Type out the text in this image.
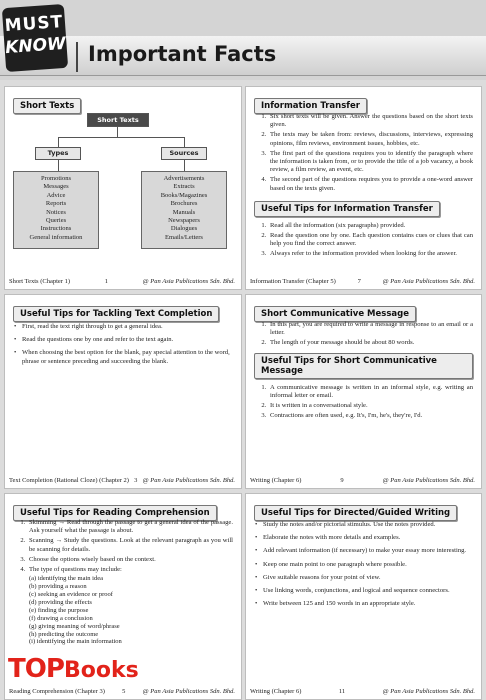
MUST
KNOW Important Facts
Short Texts
Short Texts
Types	Sources
Promotions
Messages
Advice
Reports
Notices
Queries
Instructions
General information
Advertisements
Extracts
Books/Magazines
Brochures
Manuals
Newspapers
Dialogues
Emails/Letters
Short Texts (Chapter 1)	1	@ Pan Asia Publications Sdn. Bhd.
Information Transfer
1. Six short texts will be given. Answer the questions based on the short texts given.
2. The texts may be taken from: reviews, discussions, interviews, expressing opinions, film reviews, environment issues, hobbies, etc.
3. The first part of the questions requires you to identify the paragraph where the information is taken from, or to provide the title of a job vacancy, a book review, a film review, an event, etc.
4. The second part of the questions requires you to provide a one-word answer based on the texts given.
Useful Tips for Information Transfer
1. Read all the information (six paragraphs) provided.
2. Read the question one by one. Each question contains cues or clues that can help you find the correct answer.
3. Always refer to the information provided when looking for the answer.
Information Transfer (Chapter 5)	7	@ Pan Asia Publications Sdn. Bhd.
Useful Tips for Tackling Text Completion
• First, read the text right through to get a general idea.
• Read the questions one by one and refer to the text again.
• When choosing the best option for the blank, pay special attention to the word, phrase or sentence preceding and succeeding the blank.
Text Completion (Rational Cloze) (Chapter 2) 3 @ Pan Asia Publications Sdn. Bhd.
Short Communicative Message
1. In this part, you are required to write a message in response to an email or a letter.
2. The length of your message should be about 80 words.
Useful Tips for Short Communicative Message
1. A communicative message is written in an informal style, e.g. writing an informal letter or email.
2. It is written in a conversational style.
3. Contractions are often used, e.g. It's, I'm, he's, they're, I'd.
Writing (Chapter 6)	9	@ Pan Asia Publications Sdn. Bhd.
Useful Tips for Reading Comprehension
1. Skimming → Read through the passage to get a general idea of the passage. Ask yourself what the passage is about.
2. Scanning → Study the questions. Look at the relevant paragraph as you will be scanning for details.
3. Choose the options wisely based on the context.
4. The type of questions may include:
(a) identifying the main idea
(b) providing a reason
(c) seeking an evidence or proof
(d) providing the effects
(e) finding the purpose
(f) drawing a conclusion
(g) giving meaning of word/phrase
(h) predicting the outcome
(i) identifying the main information
Reading Comprehension (Chapter 3)	5	@ Pan Asia Publications Sdn. Bhd.
Useful Tips for Directed/Guided Writing
• Study the notes and/or pictorial stimulus. Use the notes provided.
• Elaborate the notes with more details and examples.
• Add relevant information (if necessary) to make your essay more interesting.
• Keep one main point to one paragraph where possible.
• Give suitable reasons for your point of view.
• Use linking words, conjunctions, and logical and sequence connectors.
• Write between 125 and 150 words in an appropriate style.
Writing (Chapter 6)	11	@ Pan Asia Publications Sdn. Bhd.
TOP Books
